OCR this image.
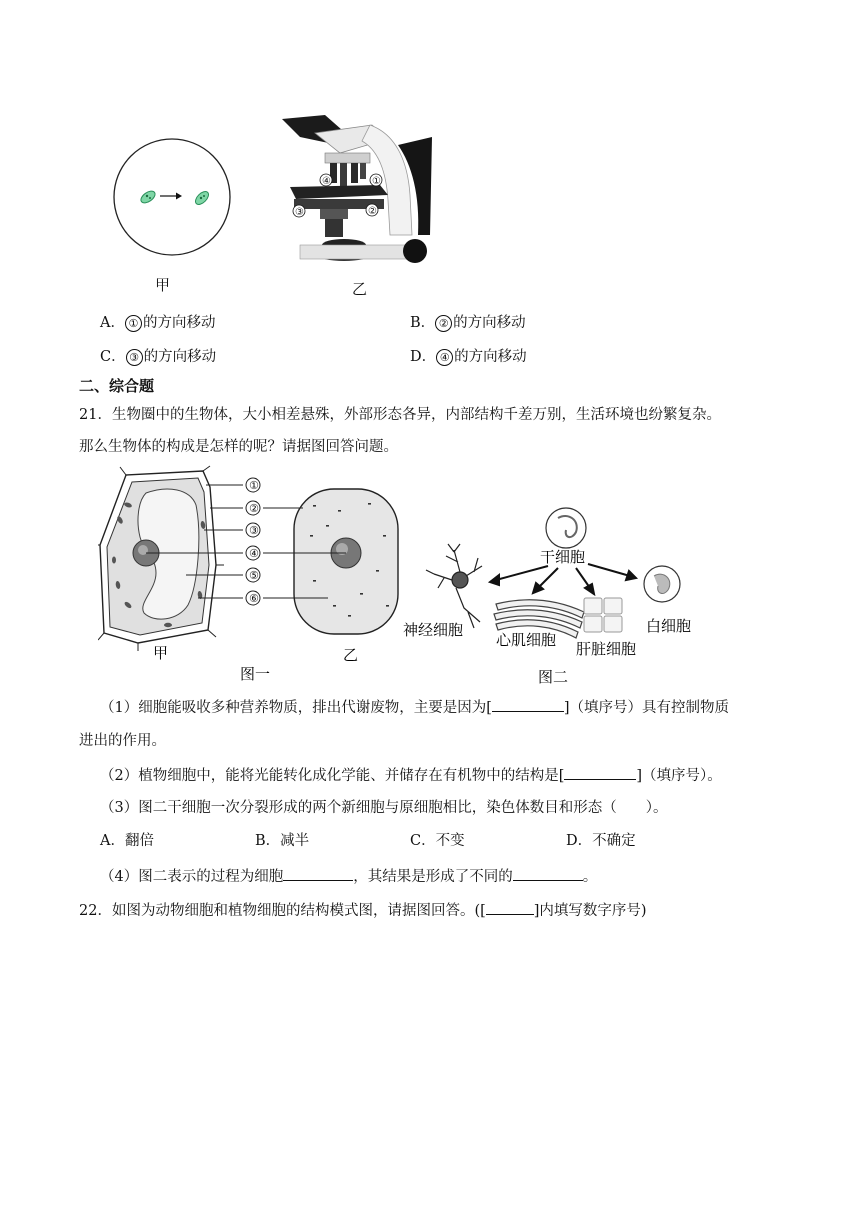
甲
④	①
③	②
乙
A． ① 的方向移动	B． ② 的方向移动
C． ③ 的方向移动	D． ④ 的方向移动
二、综合题
21．生物圈中的生物体，大小相差悬殊，外部形态各异，内部结构千差万别，生活环境也纷繁复杂。
那么生物体的构成是怎样的呢？请据图回答问题。
①
②
③
④
⑤
⑥
甲	乙
图一
干细胞
神经细胞
心肌细胞 肝脏细胞
白细胞
图二
（1）细胞能吸收多种营养物质，排出代谢废物，主要是因为[	]（填序号）具有控制物质
进出的作用。
（2）植物细胞中，能将光能转化成化学能、并储存在有机物中的结构是[	]（填序号）。
（3）图二干细胞一次分裂形成的两个新细胞与原细胞相比，染色体数目和形态（　　）。
A．翻倍	B．减半	C．不变	D．不确定
（4）图二表示的过程为细胞	，其结果是形成了不同的	。
22．如图为动物细胞和植物细胞的结构模式图，请据图回答。([	]内填写数字序号)
